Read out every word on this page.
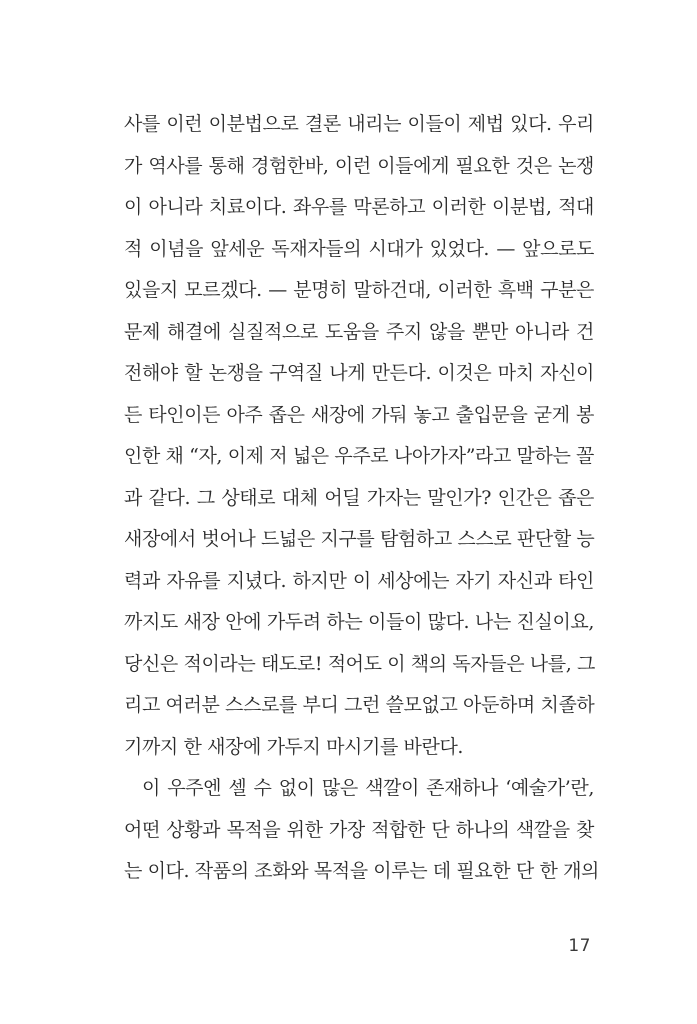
사를 이런 이분법으로 결론 내리는 이들이 제법 있다. 우리
가 역사를 통해 경험한바, 이런 이들에게 필요한 것은 논쟁
이 아니라 치료이다. 좌우를 막론하고 이러한 이분법, 적대
적 이념을 앞세운 독재자들의 시대가 있었다. — 앞으로도
있을지 모르겠다. — 분명히 말하건대, 이러한 흑백 구분은
문제 해결에 실질적으로 도움을 주지 않을 뿐만 아니라 건
전해야 할 논쟁을 구역질 나게 만든다. 이것은 마치 자신이
든 타인이든 아주 좁은 새장에 가둬 놓고 출입문을 굳게 봉
인한 채 “자, 이제 저 넓은 우주로 나아가자”라고 말하는 꼴
과 같다. 그 상태로 대체 어딜 가자는 말인가? 인간은 좁은
새장에서 벗어나 드넓은 지구를 탐험하고 스스로 판단할 능
력과 자유를 지녔다. 하지만 이 세상에는 자기 자신과 타인
까지도 새장 안에 가두려 하는 이들이 많다. 나는 진실이요,
당신은 적이라는 태도로! 적어도 이 책의 독자들은 나를, 그
리고 여러분 스스로를 부디 그런 쓸모없고 아둔하며 치졸하
기까지 한 새장에 가두지 마시기를 바란다.
이 우주엔 셀 수 없이 많은 색깔이 존재하나 ‘예술가’란,
어떤 상황과 목적을 위한 가장 적합한 단 하나의 색깔을 찾
는 이다. 작품의 조화와 목적을 이루는 데 필요한 단 한 개의
17
